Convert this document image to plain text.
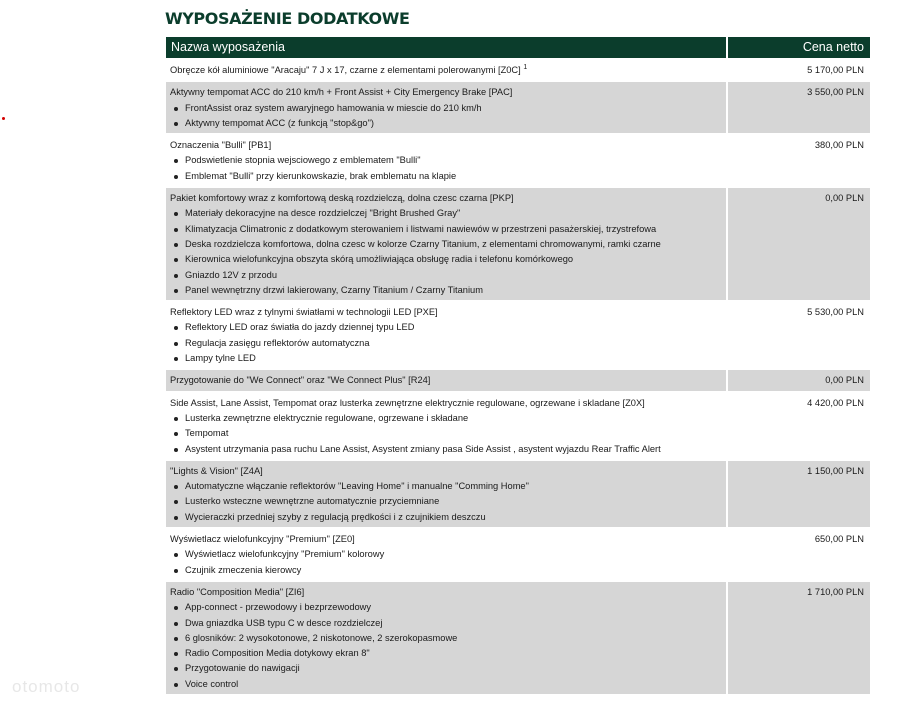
WYPOSAŻENIE DODATKOWE
Nazwa wyposażenia	Cena netto
Obręcze kół aluminiowe "Aracaju" 7 J x 17, czarne z elementami polerowanymi [Z0C] $^1$	5 170,00 PLN
Aktywny tempomat ACC do 210 km/h + Front Assist + City Emergency Brake [PAC]
FrontAssist oraz system awaryjnego hamowania w miescie do 210 km/h
Aktywny tempomat ACC (z funkcją "stop&go")
3 550,00 PLN
Oznaczenia "Bulli" [PB1]
Podswietlenie stopnia wejsciowego z emblematem "Bulli"
Emblemat "Bulli" przy kierunkowskazie, brak emblematu na klapie
380,00 PLN
Pakiet komfortowy wraz z komfortową deską rozdzielczą, dolna czesc czarna [PKP]
Materiały dekoracyjne na desce rozdzielczej "Bright Brushed Gray"
Klimatyzacja Climatronic z dodatkowym sterowaniem i listwami nawiewów w przestrzeni pasażerskiej, trzystrefowa
Deska rozdzielcza komfortowa, dolna czesc w kolorze Czarny Titanium, z elementami chromowanymi, ramki czarne
Kierownica wielofunkcyjna obszyta skórą umożliwiająca obsługę radia i telefonu komórkowego
Gniazdo 12V z przodu
Panel wewnętrzny drzwi lakierowany, Czarny Titanium / Czarny Titanium
0,00 PLN
Reflektory LED wraz z tylnymi światłami w technologii LED [PXE]
Reflektory LED oraz światła do jazdy dziennej typu LED
Regulacja zasięgu reflektorów automatyczna
Lampy tylne LED
5 530,00 PLN
Przygotowanie do "We Connect" oraz "We Connect Plus" [R24]	0,00 PLN
Side Assist, Lane Assist, Tempomat oraz lusterka zewnętrzne elektrycznie regulowane, ogrzewane i skladane [Z0X]
Lusterka zewnętrzne elektrycznie regulowane, ogrzewane i składane
Tempomat
Asystent utrzymania pasa ruchu Lane Assist, Asystent zmiany pasa Side Assist , asystent wyjazdu Rear Traffic Alert
4 420,00 PLN
"Lights & Vision" [Z4A]
Automatyczne włączanie reflektorów "Leaving Home" i manualne "Comming Home"
Lusterko wsteczne wewnętrzne automatycznie przyciemniane
Wycieraczki przedniej szyby z regulacją prędkości i z czujnikiem deszczu
1 150,00 PLN
Wyświetlacz wielofunkcyjny "Premium" [ZE0]
Wyświetlacz wielofunkcyjny "Premium" kolorowy
Czujnik zmeczenia kierowcy
650,00 PLN
Radio "Composition Media" [ZI6]
App-connect - przewodowy i bezprzewodowy
Dwa gniazdka USB typu C w desce rozdzielczej
6 glosników: 2 wysokotonowe, 2 niskotonowe, 2 szerokopasmowe
Radio Composition Media dotykowy ekran 8"
Przygotowanie do nawigacji
Voice control
1 710,00 PLN
otomoto
